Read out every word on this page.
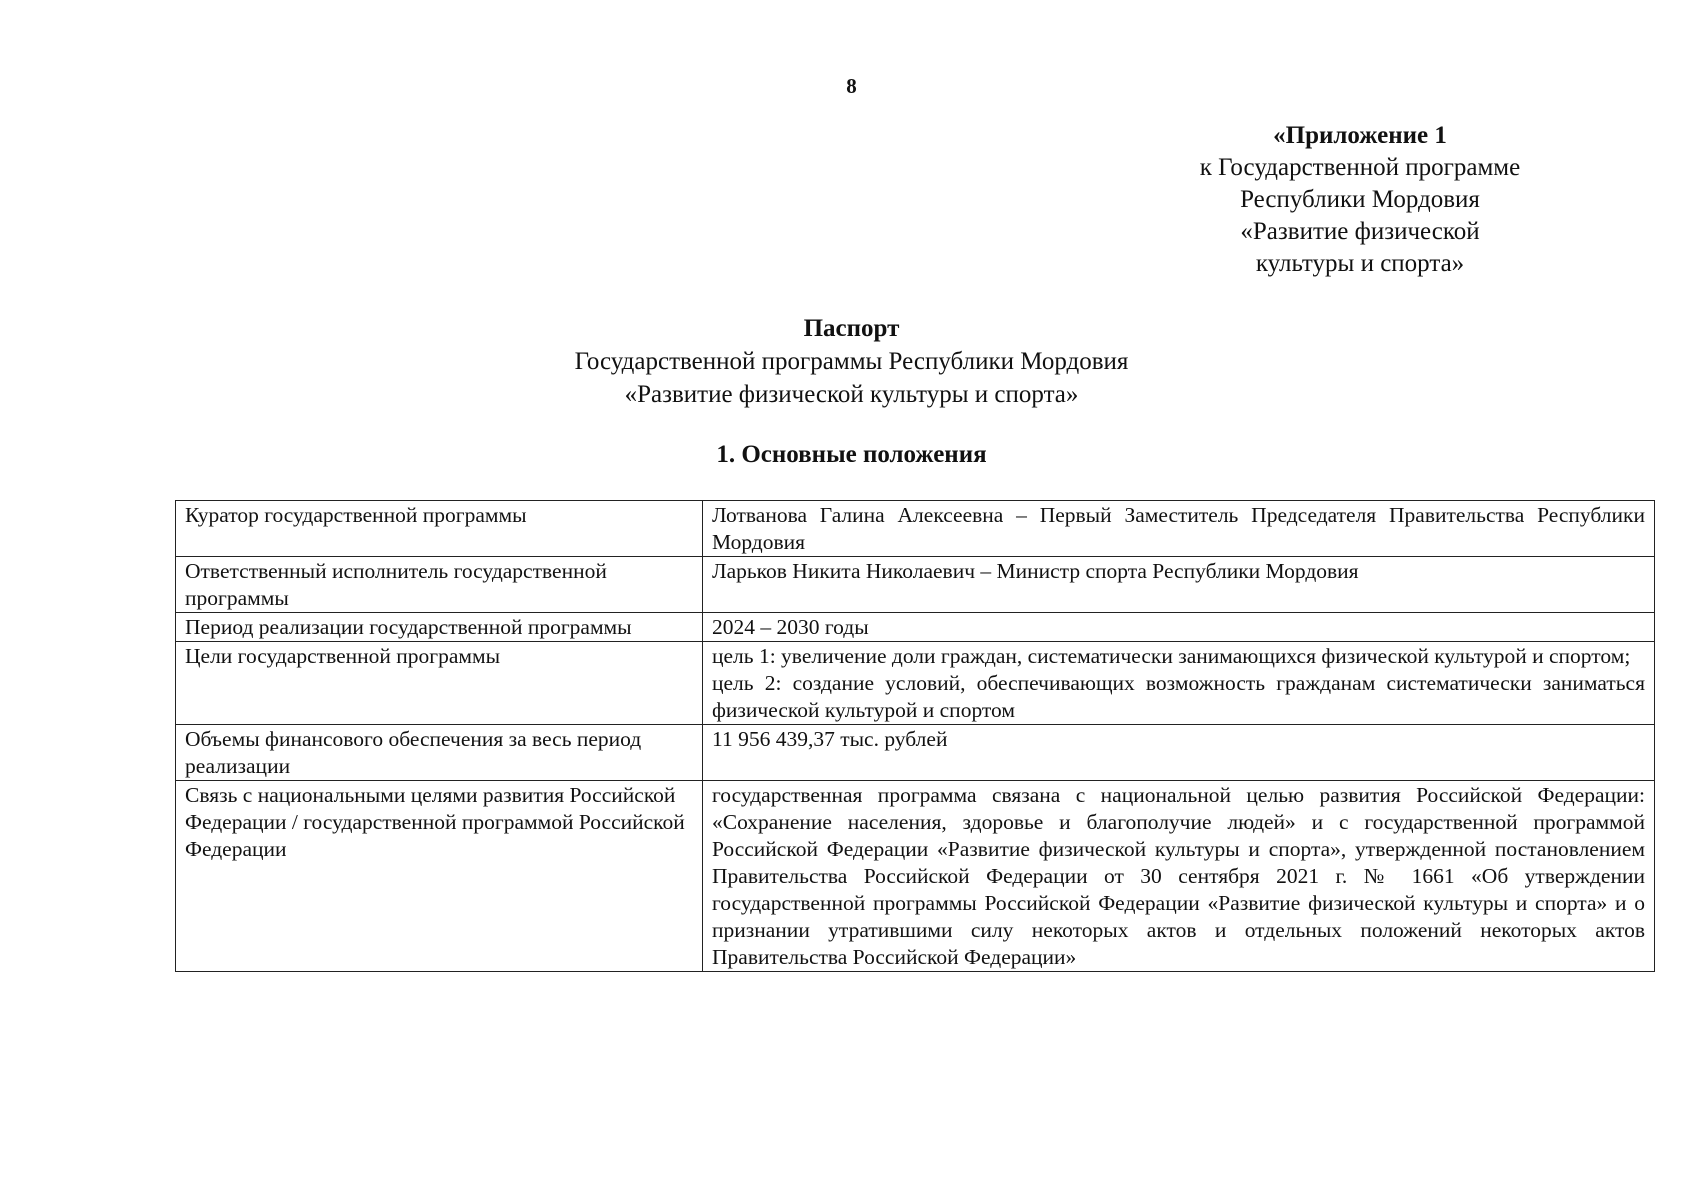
8
«Приложение 1
к Государственной программе
Республики Мордовия
«Развитие физической
культуры и спорта»
Паспорт
Государственной программы Республики Мордовия
«Развитие физической культуры и спорта»
1. Основные положения
Куратор государственной программы	Лотванова Галина Алексеевна – Первый Заместитель Председателя Правительства Республики Мордовия
Ответственный исполнитель государственной программы	Ларьков Никита Николаевич – Министр спорта Республики Мордовия
Период реализации государственной программы	2024 – 2030 годы
Цели государственной программы	цель 1: увеличение доли граждан, систематически занимающихся физической культурой и спортом;
цель 2: создание условий, обеспечивающих возможность гражданам систематически заниматься физической культурой и спортом

Объемы финансового обеспечения за весь период реализации	11 956 439,37 тыс. рублей
Связь с национальными целями развития Российской Федерации / государственной программой Российской Федерации	государственная программа связана с национальной целью развития Российской Федерации: «Сохранение населения, здоровье и благополучие людей» и с государственной программой Российской Федерации «Развитие физической культуры и спорта», утвержденной постановлением Правительства Российской Федерации от 30 сентября 2021 г. № 1661 «Об утверждении государственной программы Российской Федерации «Развитие физической культуры и спорта» и о признании утратившими силу некоторых актов и отдельных положений некоторых актов Правительства Российской Федерации»
